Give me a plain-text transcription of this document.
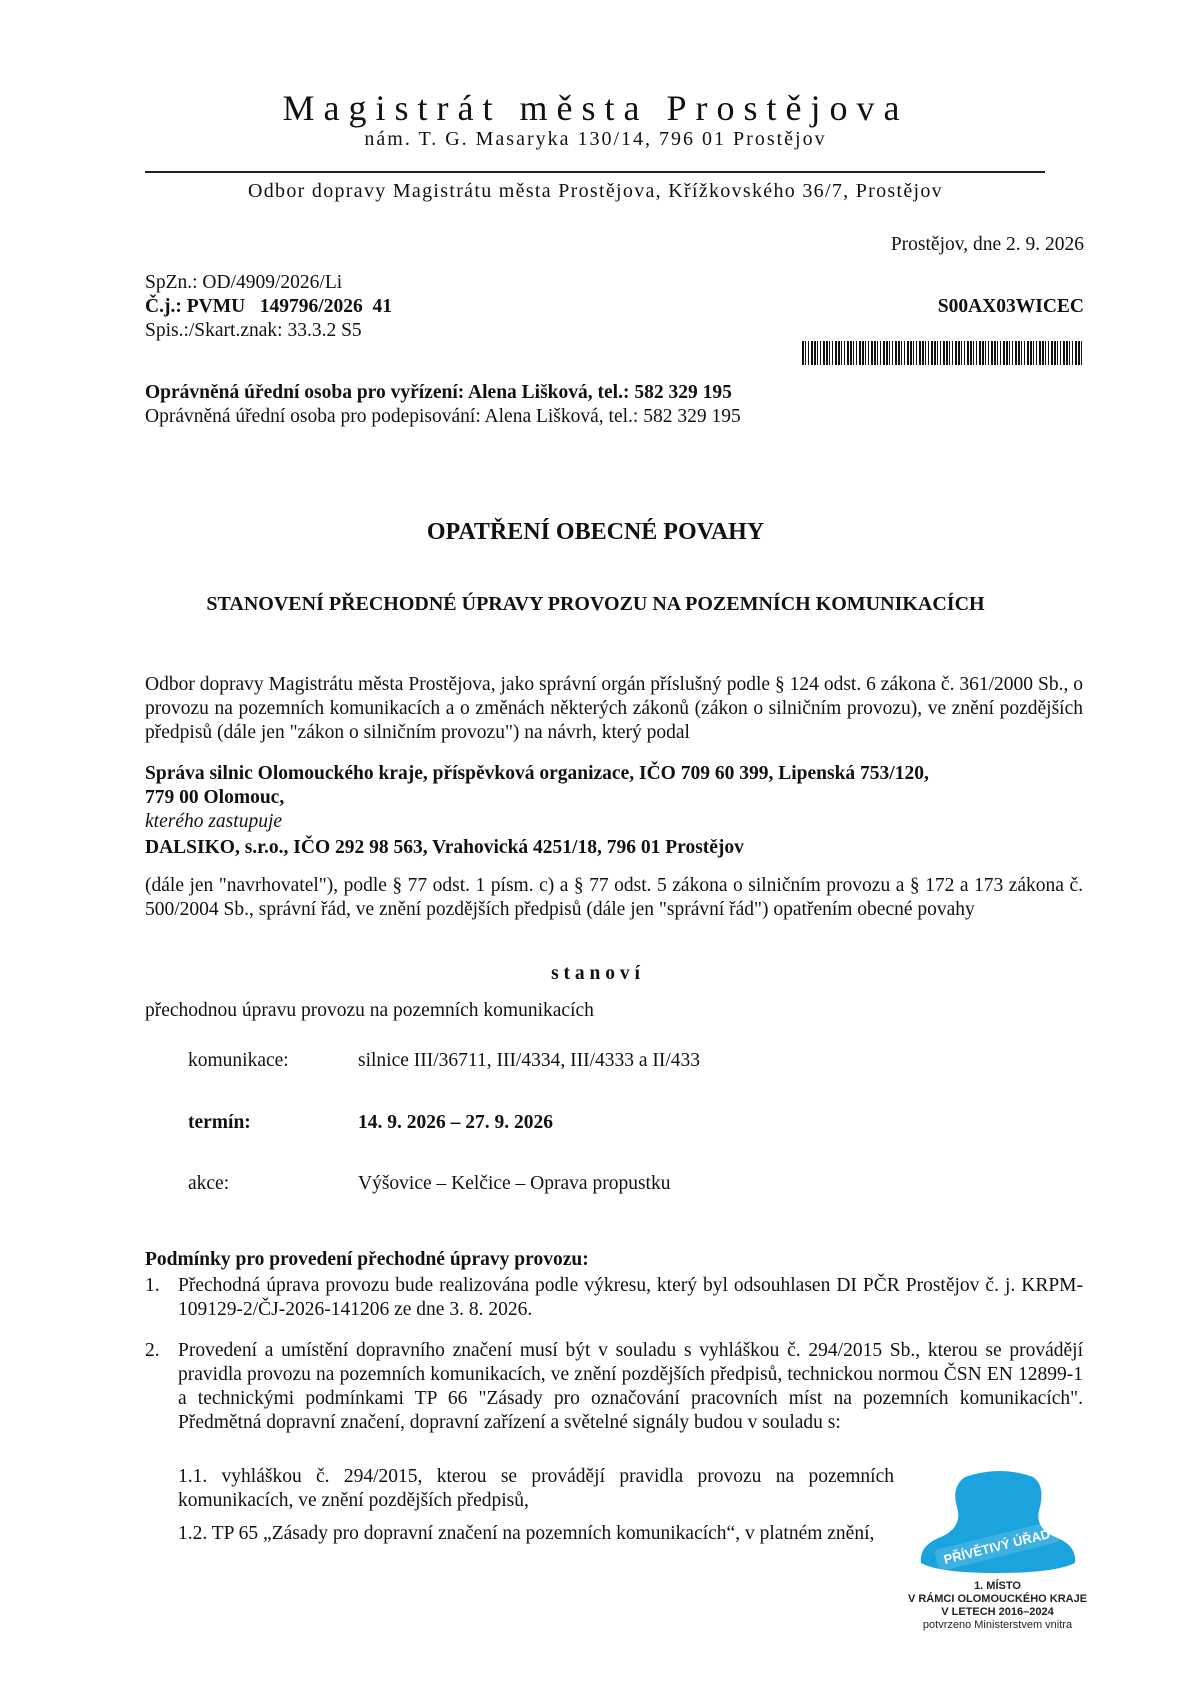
Magistrát města Prostějova
nám. T. G. Masaryka 130/14, 796 01 Prostějov
Odbor dopravy Magistrátu města Prostějova, Křížkovského 36/7, Prostějov
Prostějov, dne 2. 9. 2026
SpZn.: OD/4909/2026/Li
Č.j.: PVMU   149796/2026  41	S00AX03WICEC
Spis.:/Skart.znak: 33.3.2 S5
Oprávněná úřední osoba pro vyřízení: Alena Lišková, tel.: 582 329 195
Oprávněná úřední osoba pro podepisování: Alena Lišková, tel.: 582 329 195
OPATŘENÍ OBECNÉ POVAHY
STANOVENÍ PŘECHODNÉ ÚPRAVY PROVOZU NA POZEMNÍCH KOMUNIKACÍCH
Odbor dopravy Magistrátu města Prostějova, jako správní orgán příslušný podle § 124 odst. 6 zákona č. 361/2000 Sb., o provozu na pozemních komunikacích a o změnách některých zákonů (zákon o silničním provozu), ve znění pozdějších předpisů (dále jen "zákon o silničním provozu") na návrh, který podal
Správa silnic Olomouckého kraje, příspěvková organizace, IČO 709 60 399, Lipenská 753/120,
779 00 Olomouc,
kterého zastupuje
DALSIKO, s.r.o., IČO 292 98 563, Vrahovická 4251/18, 796 01 Prostějov
(dále jen "navrhovatel"), podle § 77 odst. 1 písm. c) a § 77 odst. 5 zákona o silničním provozu a § 172 a 173 zákona č. 500/2004 Sb., správní řád, ve znění pozdějších předpisů (dále jen "správní řád") opatřením obecné povahy
s t a n o v í
přechodnou úpravu provozu na pozemních komunikacích
komunikace:	silnice III/36711, III/4334, III/4333 a II/433
termín:	14. 9. 2026 – 27. 9. 2026
akce:	Výšovice – Kelčice – Oprava propustku
Podmínky pro provedení přechodné úpravy provozu:
1. Přechodná úprava provozu bude realizována podle výkresu, který byl odsouhlasen DI PČR Prostějov č. j. KRPM-109129-2/ČJ-2026-141206 ze dne 3. 8. 2026.
2. Provedení a umístění dopravního značení musí být v souladu s vyhláškou č. 294/2015 Sb., kterou se provádějí pravidla provozu na pozemních komunikacích, ve znění pozdějších předpisů, technickou normou ČSN EN 12899-1 a technickými podmínkami TP 66 "Zásady pro označování pracovních míst na pozemních komunikacích". Předmětná dopravní značení, dopravní zařízení a světelné signály budou v souladu s:
1.1. vyhláškou č. 294/2015, kterou se provádějí pravidla provozu na pozemních komunikacích, ve znění pozdějších předpisů,
1.2. TP 65 „Zásady pro dopravní značení na pozemních komunikacích“, v platném znění,	PŘÍVĚTIVÝ ÚŘAD
1. MÍSTO
V RÁMCI OLOMOUCKÉHO KRAJE
V LETECH 2016–2024
potvrzeno Ministerstvem vnitra
